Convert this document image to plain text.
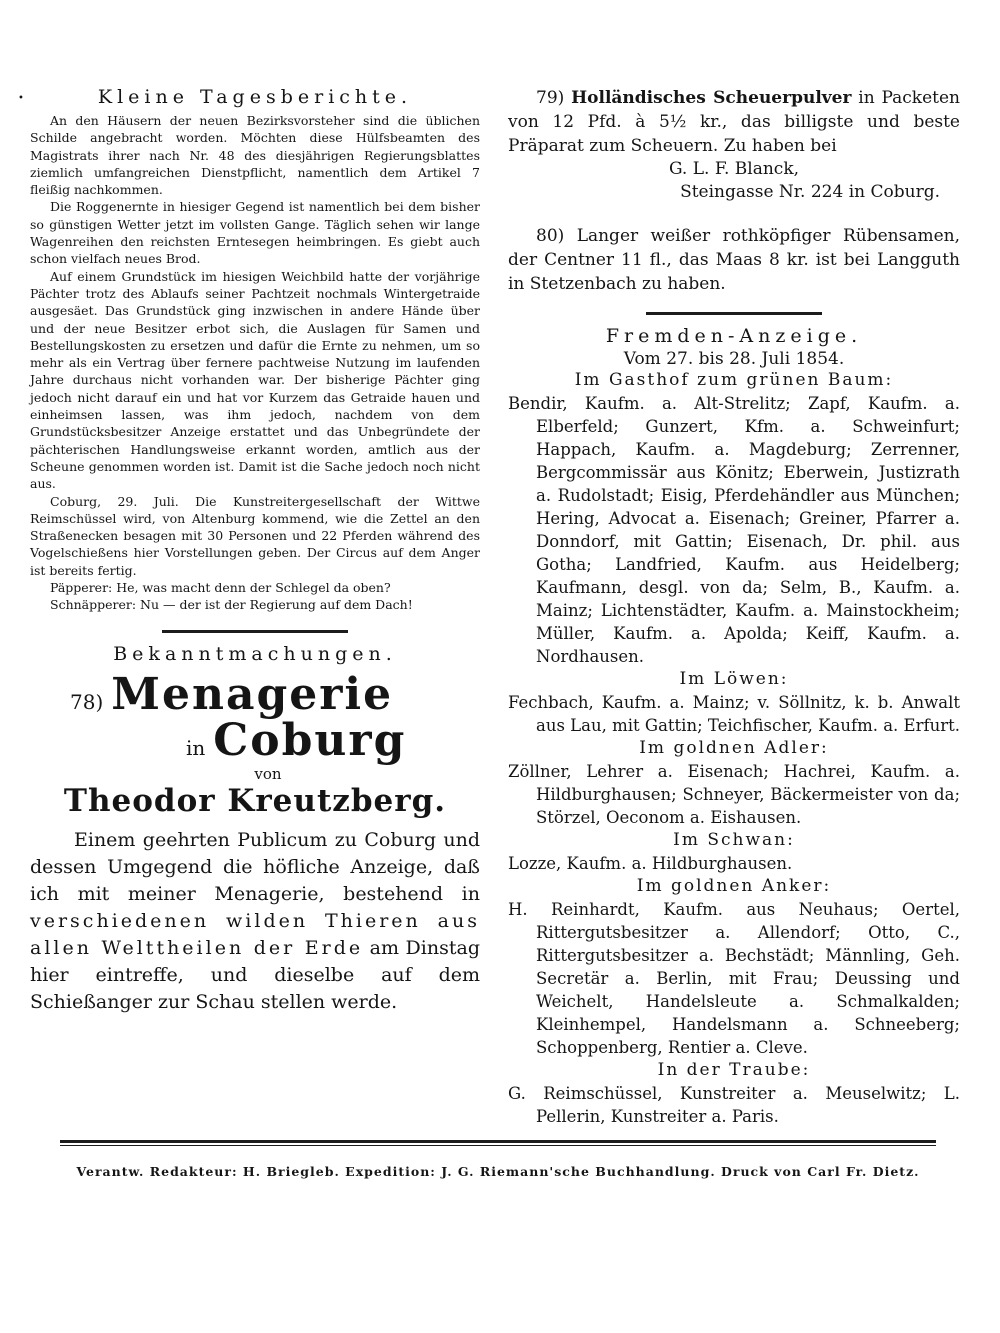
•	Kleine Tagesberichte.

An den Häusern der neuen Bezirksvorsteher sind die üblichen Schilde angebracht worden. Möchten diese Hülfsbeamten des Magistrats ihrer nach Nr. 48 des diesjährigen Regierungsblattes ziemlich umfangreichen Dienstpflicht, namentlich dem Artikel 7 fleißig nachkommen.

Die Roggenernte in hiesiger Gegend ist namentlich bei dem bisher so günstigen Wetter jetzt im vollsten Gange. Täglich sehen wir lange Wagenreihen den reichsten Erntesegen heimbringen. Es giebt auch schon vielfach neues Brod.

Auf einem Grundstück im hiesigen Weichbild hatte der vorjährige Pächter trotz des Ablaufs seiner Pachtzeit nochmals Wintergetraide ausgesäet. Das Grundstück ging inzwischen in andere Hände über und der neue Besitzer erbot sich, die Auslagen für Samen und Bestellungskosten zu ersetzen und dafür die Ernte zu nehmen, um so mehr als ein Vertrag über fernere pachtweise Nutzung im laufenden Jahre durchaus nicht vorhanden war. Der bisherige Pächter ging jedoch nicht darauf ein und hat vor Kurzem das Getraide hauen und einheimsen lassen, was ihm jedoch, nachdem von dem Grundstücksbesitzer Anzeige erstattet und das Unbegründete der pächterischen Handlungsweise erkannt worden, amtlich aus der Scheune genommen worden ist. Damit ist die Sache jedoch noch nicht aus.

Coburg, 29. Juli. Die Kunstreitergesellschaft der Wittwe Reimschüssel wird, von Altenburg kommend, wie die Zettel an den Straßenecken besagen mit 30 Personen und 22 Pferden während des Vogelschießens hier Vorstellungen geben. Der Circus auf dem Anger ist bereits fertig.

Päpperer: He, was macht denn der Schlegel da oben?

Schnäpperer: Nu — der ist der Regierung auf dem Dach!

Bekanntmachungen.
78) Menagerie
in Coburg
von
Theodor Kreutzberg.

Einem geehrten Publicum zu Coburg und dessen Umgegend die höfliche Anzeige, daß ich mit meiner Menagerie, bestehend in verschiedenen wilden Thieren aus allen Welttheilen der Erde am Dinstag hier eintreffe, und dieselbe auf dem Schießanger zur Schau stellen werde.

79) Holländisches Scheuerpulver in Packeten von 12 Pfd. à 5½ kr., das billigste und beste Präparat zum Scheuern. Zu haben bei

G. L. F. Blanck,
Steingasse Nr. 224 in Coburg.

80) Langer weißer rothköpfiger Rübensamen, der Centner 11 fl., das Maas 8 kr. ist bei Langguth in Stetzenbach zu haben.

Fremden-Anzeige.
Vom 27. bis 28. Juli 1854.
Im Gasthof zum grünen Baum:

Bendir, Kaufm. a. Alt-Strelitz; Zapf, Kaufm. a. Elberfeld; Gunzert, Kfm. a. Schweinfurt; Happach, Kaufm. a. Magdeburg; Zerrenner, Bergcommissär aus Könitz; Eberwein, Justizrath a. Rudolstadt; Eisig, Pferdehändler aus München; Hering, Advocat a. Eisenach; Greiner, Pfarrer a. Donndorf, mit Gattin; Eisenach, Dr. phil. aus Gotha; Landfried, Kaufm. aus Heidelberg; Kaufmann, desgl. von da; Selm, B., Kaufm. a. Mainz; Lichtenstädter, Kaufm. a. Mainstockheim; Müller, Kaufm. a. Apolda; Keiff, Kaufm. a. Nordhausen.

Im Löwen:

Fechbach, Kaufm. a. Mainz; v. Söllnitz, k. b. Anwalt aus Lau, mit Gattin; Teichfischer, Kaufm. a. Erfurt.

Im goldnen Adler:

Zöllner, Lehrer a. Eisenach; Hachrei, Kaufm. a. Hildburghausen; Schneyer, Bäckermeister von da; Störzel, Oeconom a. Eishausen.

Im Schwan:

Lozze, Kaufm. a. Hildburghausen.

Im goldnen Anker:

H. Reinhardt, Kaufm. aus Neuhaus; Oertel, Rittergutsbesitzer a. Allendorf; Otto, C., Rittergutsbesitzer a. Bechstädt; Männling, Geh. Secretär a. Berlin, mit Frau; Deussing und Weichelt, Handelsleute a. Schmalkalden; Kleinhempel, Handelsmann a. Schneeberg; Schoppenberg, Rentier a. Cleve.

In der Traube:

G. Reimschüssel, Kunstreiter a. Meuselwitz; L. Pellerin, Kunstreiter a. Paris.

Verantw. Redakteur: H. Briegleb. Expedition: J. G. Riemann'sche Buchhandlung. Druck von Carl Fr. Dietz.
